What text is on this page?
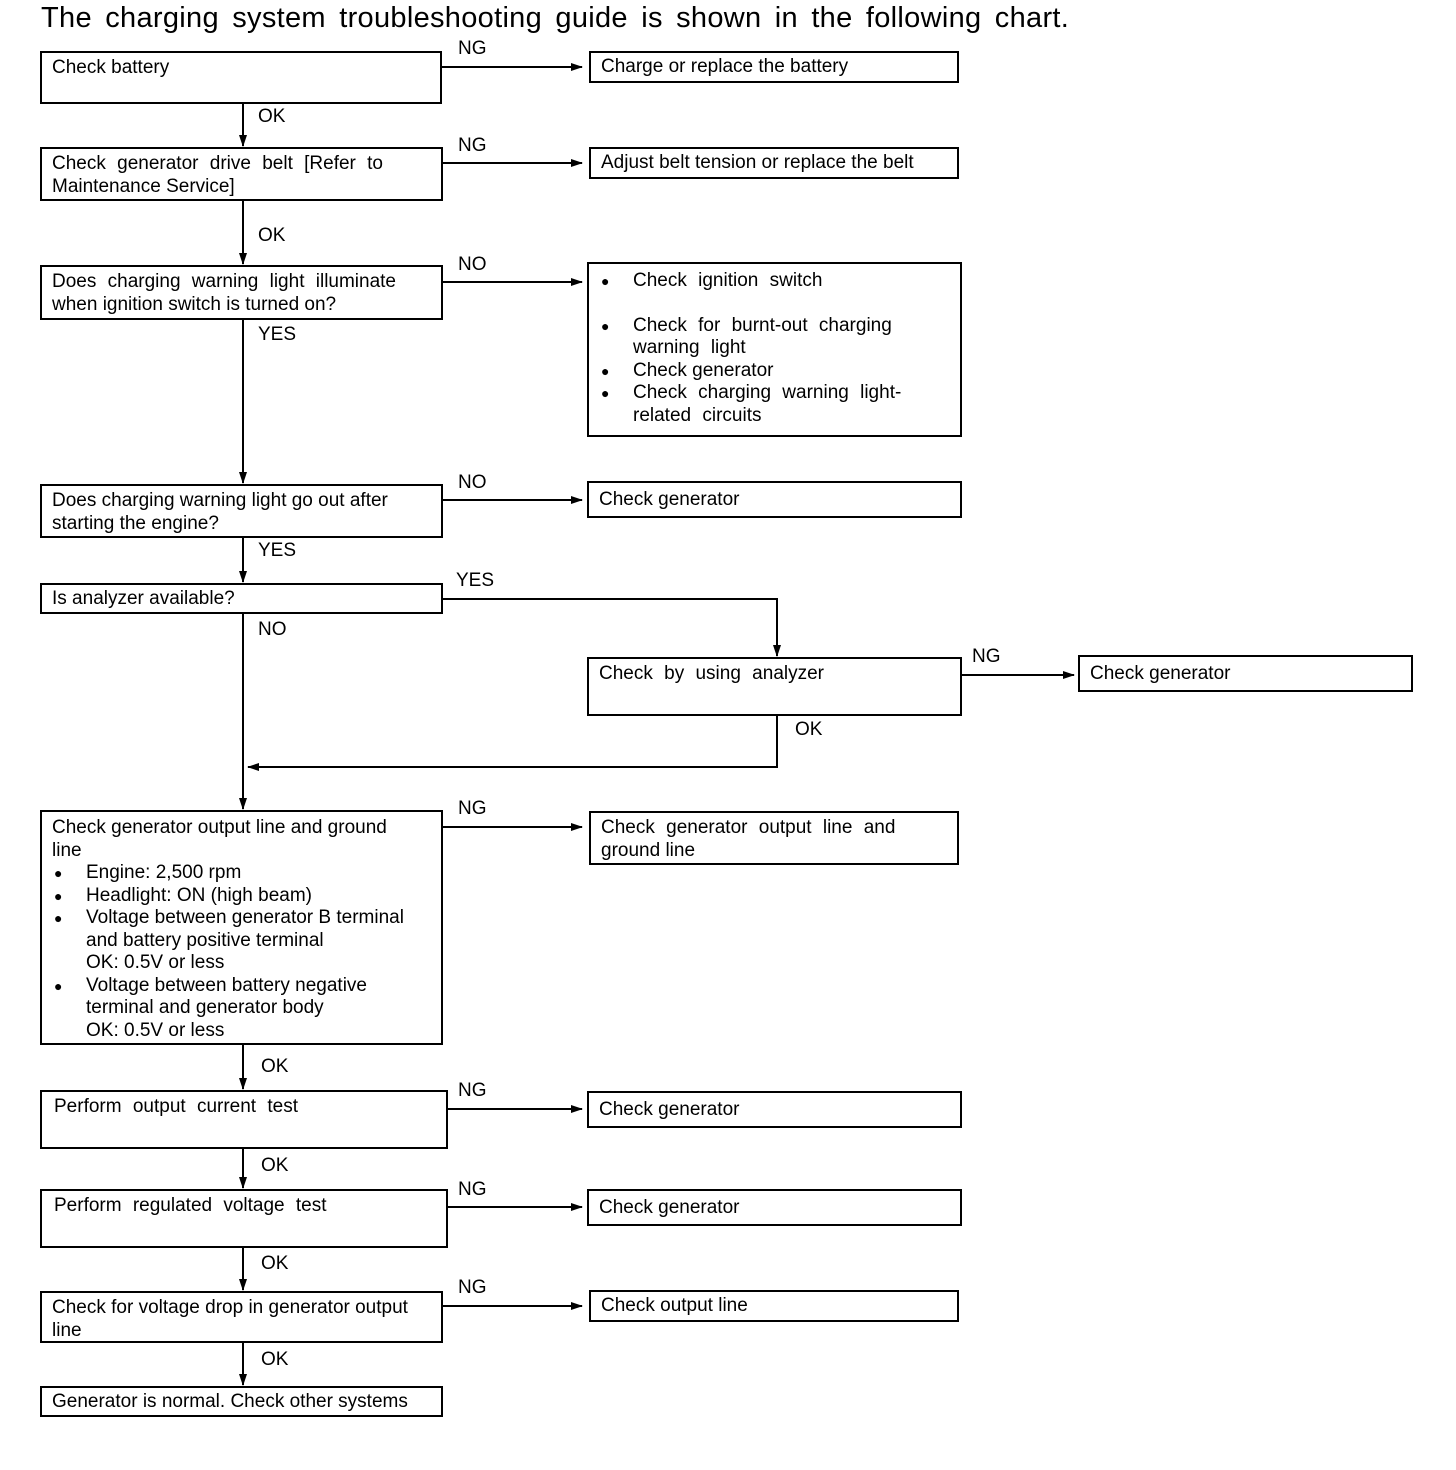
The charging system troubleshooting guide is shown in the following chart.
NG
OK
NG
OK
NO
YES
NO
YES
YES
NO
NG
OK
NG
OK
NG
OK
NG
OK
NG
OK
Check battery
Check generator drive belt [Refer to
Maintenance Service]
Does charging warning light illuminate
when ignition switch is turned on?
Does charging warning light go out after
starting the engine?
Is analyzer available?
Check by using analyzer
Check generator output line and ground
line
● Engine: 2,500 rpm
● Headlight: ON (high beam)
● Voltage between generator B terminal and battery positive terminal
OK: 0.5V or less
● Voltage between battery negative terminal and generator body
OK: 0.5V or less
Perform output current test
Perform regulated voltage test
Check for voltage drop in generator output
line
Generator is normal. Check other systems
Charge or replace the battery
Adjust belt tension or replace the belt
● Check ignition switch
● Check for burnt-out charging warning light
● Check generator
● Check charging warning light-related circuits
Check generator
Check generator
Check generator output line and
ground line
Check generator
Check generator
Check output line
